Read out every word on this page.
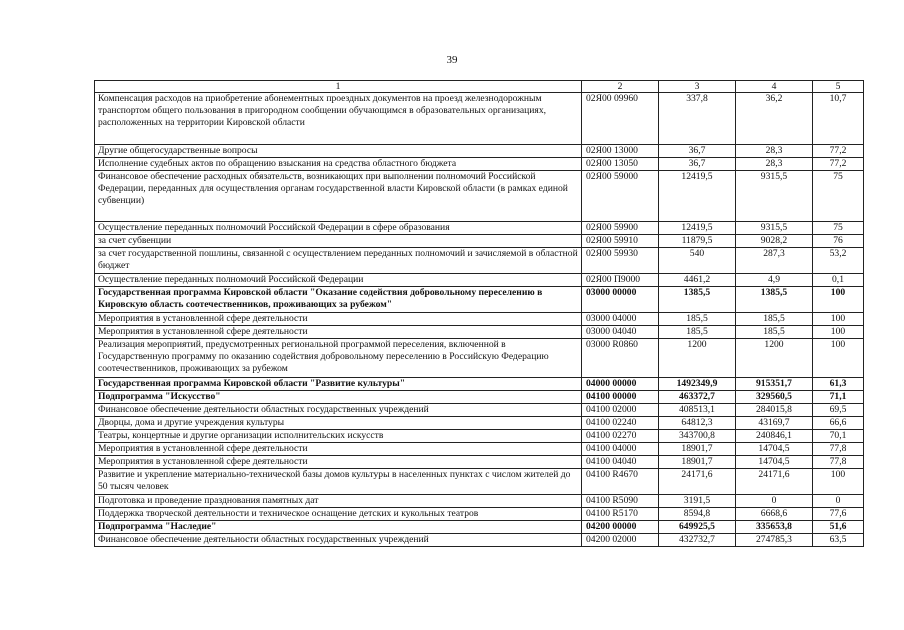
39
1	2	3	4	5
Компенсация расходов на приобретение абонементных проездных документов на проезд железнодорожным транспортом общего пользования в пригородном сообщении обучающимся в образовательных организациях, расположенных на территории Кировской области	02Я00 09960	337,8	36,2	10,7
Другие общегосударственные вопросы	02Я00 13000	36,7	28,3	77,2
Исполнение судебных актов по обращению взыскания на средства областного бюджета	02Я00 13050	36,7	28,3	77,2
Финансовое обеспечение расходных обязательств, возникающих при выполнении полномочий Российской Федерации, переданных для осуществления органам государственной власти Кировской области (в рамках единой субвенции)	02Я00 59000	12419,5	9315,5	75
Осуществление переданных полномочий Российской Федерации в сфере образования	02Я00 59900	12419,5	9315,5	75
за счет субвенции	02Я00 59910	11879,5	9028,2	76
за счет государственной пошлины, связанной с осуществлением переданных полномочий и зачисляемой в областной бюджет	02Я00 59930	540	287,3	53,2
Осуществление переданных полномочий Российской Федерации	02Я00 П9000	4461,2	4,9	0,1
Государственная программа Кировской области "Оказание содействия добровольному переселению в Кировскую область соотечественников, проживающих за рубежом"	03000 00000	1385,5	1385,5	100
Мероприятия в установленной сфере деятельности	03000 04000	185,5	185,5	100
Мероприятия в установленной сфере деятельности	03000 04040	185,5	185,5	100
Реализация мероприятий, предусмотренных региональной программой переселения, включенной в Государственную программу по оказанию содействия добровольному переселению в Российскую Федерацию соотечественников, проживающих за рубежом	03000 R0860	1200	1200	100
Государственная программа Кировской области "Развитие культуры"	04000 00000	1492349,9	915351,7	61,3
Подпрограмма "Искусство"	04100 00000	463372,7	329560,5	71,1
Финансовое обеспечение деятельности областных государственных учреждений	04100 02000	408513,1	284015,8	69,5
Дворцы, дома и другие учреждения культуры	04100 02240	64812,3	43169,7	66,6
Театры, концертные и другие организации исполнительских искусств	04100 02270	343700,8	240846,1	70,1
Мероприятия в установленной сфере деятельности	04100 04000	18901,7	14704,5	77,8
Мероприятия в установленной сфере деятельности	04100 04040	18901,7	14704,5	77,8
Развитие и укрепление материально-технической базы домов культуры в населенных пунктах с числом жителей до 50 тысяч человек	04100 R4670	24171,6	24171,6	100
Подготовка и проведение празднования памятных дат	04100 R5090	3191,5	0	0
Поддержка творческой деятельности и техническое оснащение детских и кукольных театров	04100 R5170	8594,8	6668,6	77,6
Подпрограмма "Наследие"	04200 00000	649925,5	335653,8	51,6
Финансовое обеспечение деятельности областных государственных учреждений	04200 02000	432732,7	274785,3	63,5
